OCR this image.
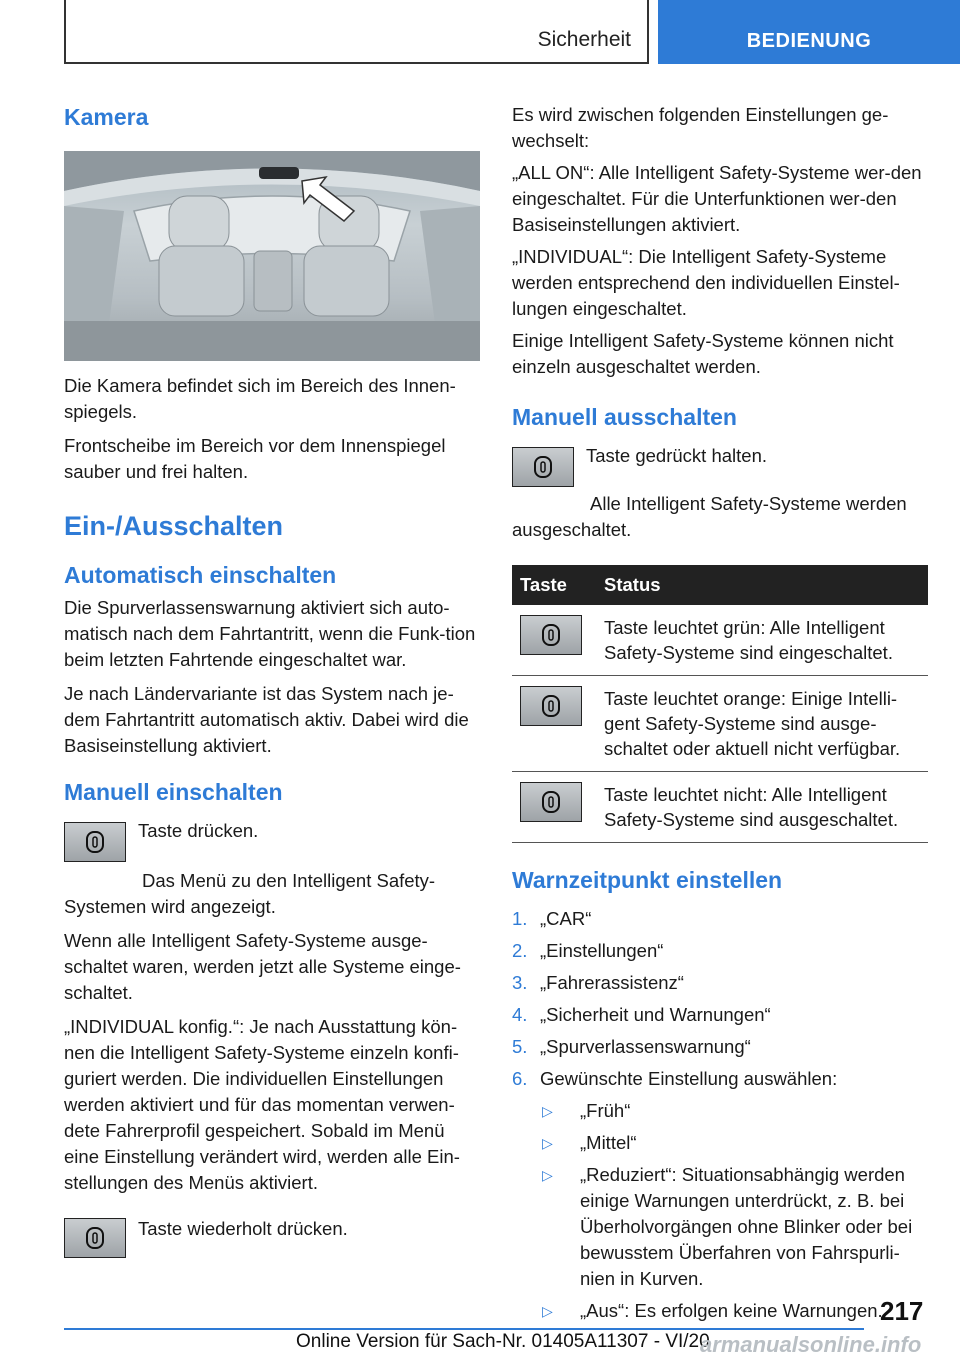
Sicherheit	BEDIENUNG
Kamera

Die Kamera befindet sich im Bereich des Innen-spiegels.

Frontscheibe im Bereich vor dem Innenspiegel sauber und frei halten.

Ein-/Ausschalten
Automatisch einschalten

Die Spurverlassenswarnung aktiviert sich auto-matisch nach dem Fahrtantritt, wenn die Funk-tion beim letzten Fahrtende eingeschaltet war.

Je nach Ländervariante ist das System nach je-dem Fahrtantritt automatisch aktiv. Dabei wird die Basiseinstellung aktiviert.

Manuell einschalten

Taste drücken.

Das Menü zu den Intelligent Safety-Systemen wird angezeigt.

Wenn alle Intelligent Safety-Systeme ausge-schaltet waren, werden jetzt alle Systeme einge-schaltet.

„INDIVIDUAL konfig.“: Je nach Ausstattung kön-nen die Intelligent Safety-Systeme einzeln konfi-guriert werden. Die individuellen Einstellungen werden aktiviert und für das momentan verwen-dete Fahrerprofil gespeichert. Sobald im Menü eine Einstellung verändert wird, werden alle Ein-stellungen des Menüs aktiviert.

Taste wiederholt drücken.

Es wird zwischen folgenden Einstellungen ge-wechselt:

„ALL ON“: Alle Intelligent Safety-Systeme wer-den eingeschaltet. Für die Unterfunktionen wer-den Basiseinstellungen aktiviert.

„INDIVIDUAL“: Die Intelligent Safety-Systeme werden entsprechend den individuellen Einstel-lungen eingeschaltet.

Einige Intelligent Safety-Systeme können nicht einzeln ausgeschaltet werden.

Manuell ausschalten

Taste gedrückt halten.

Alle Intelligent Safety-Systeme werden ausgeschaltet.

Taste	Status

	Taste leuchtet grün: Alle Intelligent Safety-Systeme sind eingeschaltet.

	Taste leuchtet orange: Einige Intelli-gent Safety-Systeme sind ausge-schaltet oder aktuell nicht verfügbar.

	Taste leuchtet nicht: Alle Intelligent Safety-Systeme sind ausgeschaltet.
Warnzeitpunkt einstellen
1. „CAR“
2. „Einstellungen“
3. „Fahrerassistenz“
4. „Sicherheit und Warnungen“
5. „Spurverlassenswarnung“
6. Gewünschte Einstellung auswählen:
▷	„Früh“
▷	„Mittel“
▷	„Reduziert“: Situationsabhängig werden einige Warnungen unterdrückt, z. B. bei Überholvorgängen ohne Blinker oder bei bewusstem Überfahren von Fahrspurli-nien in Kurven.
▷	„Aus“: Es erfolgen keine Warnungen.
217
Online Version für Sach-Nr. 01405A11307 - VI/20
armanualsonline.info
